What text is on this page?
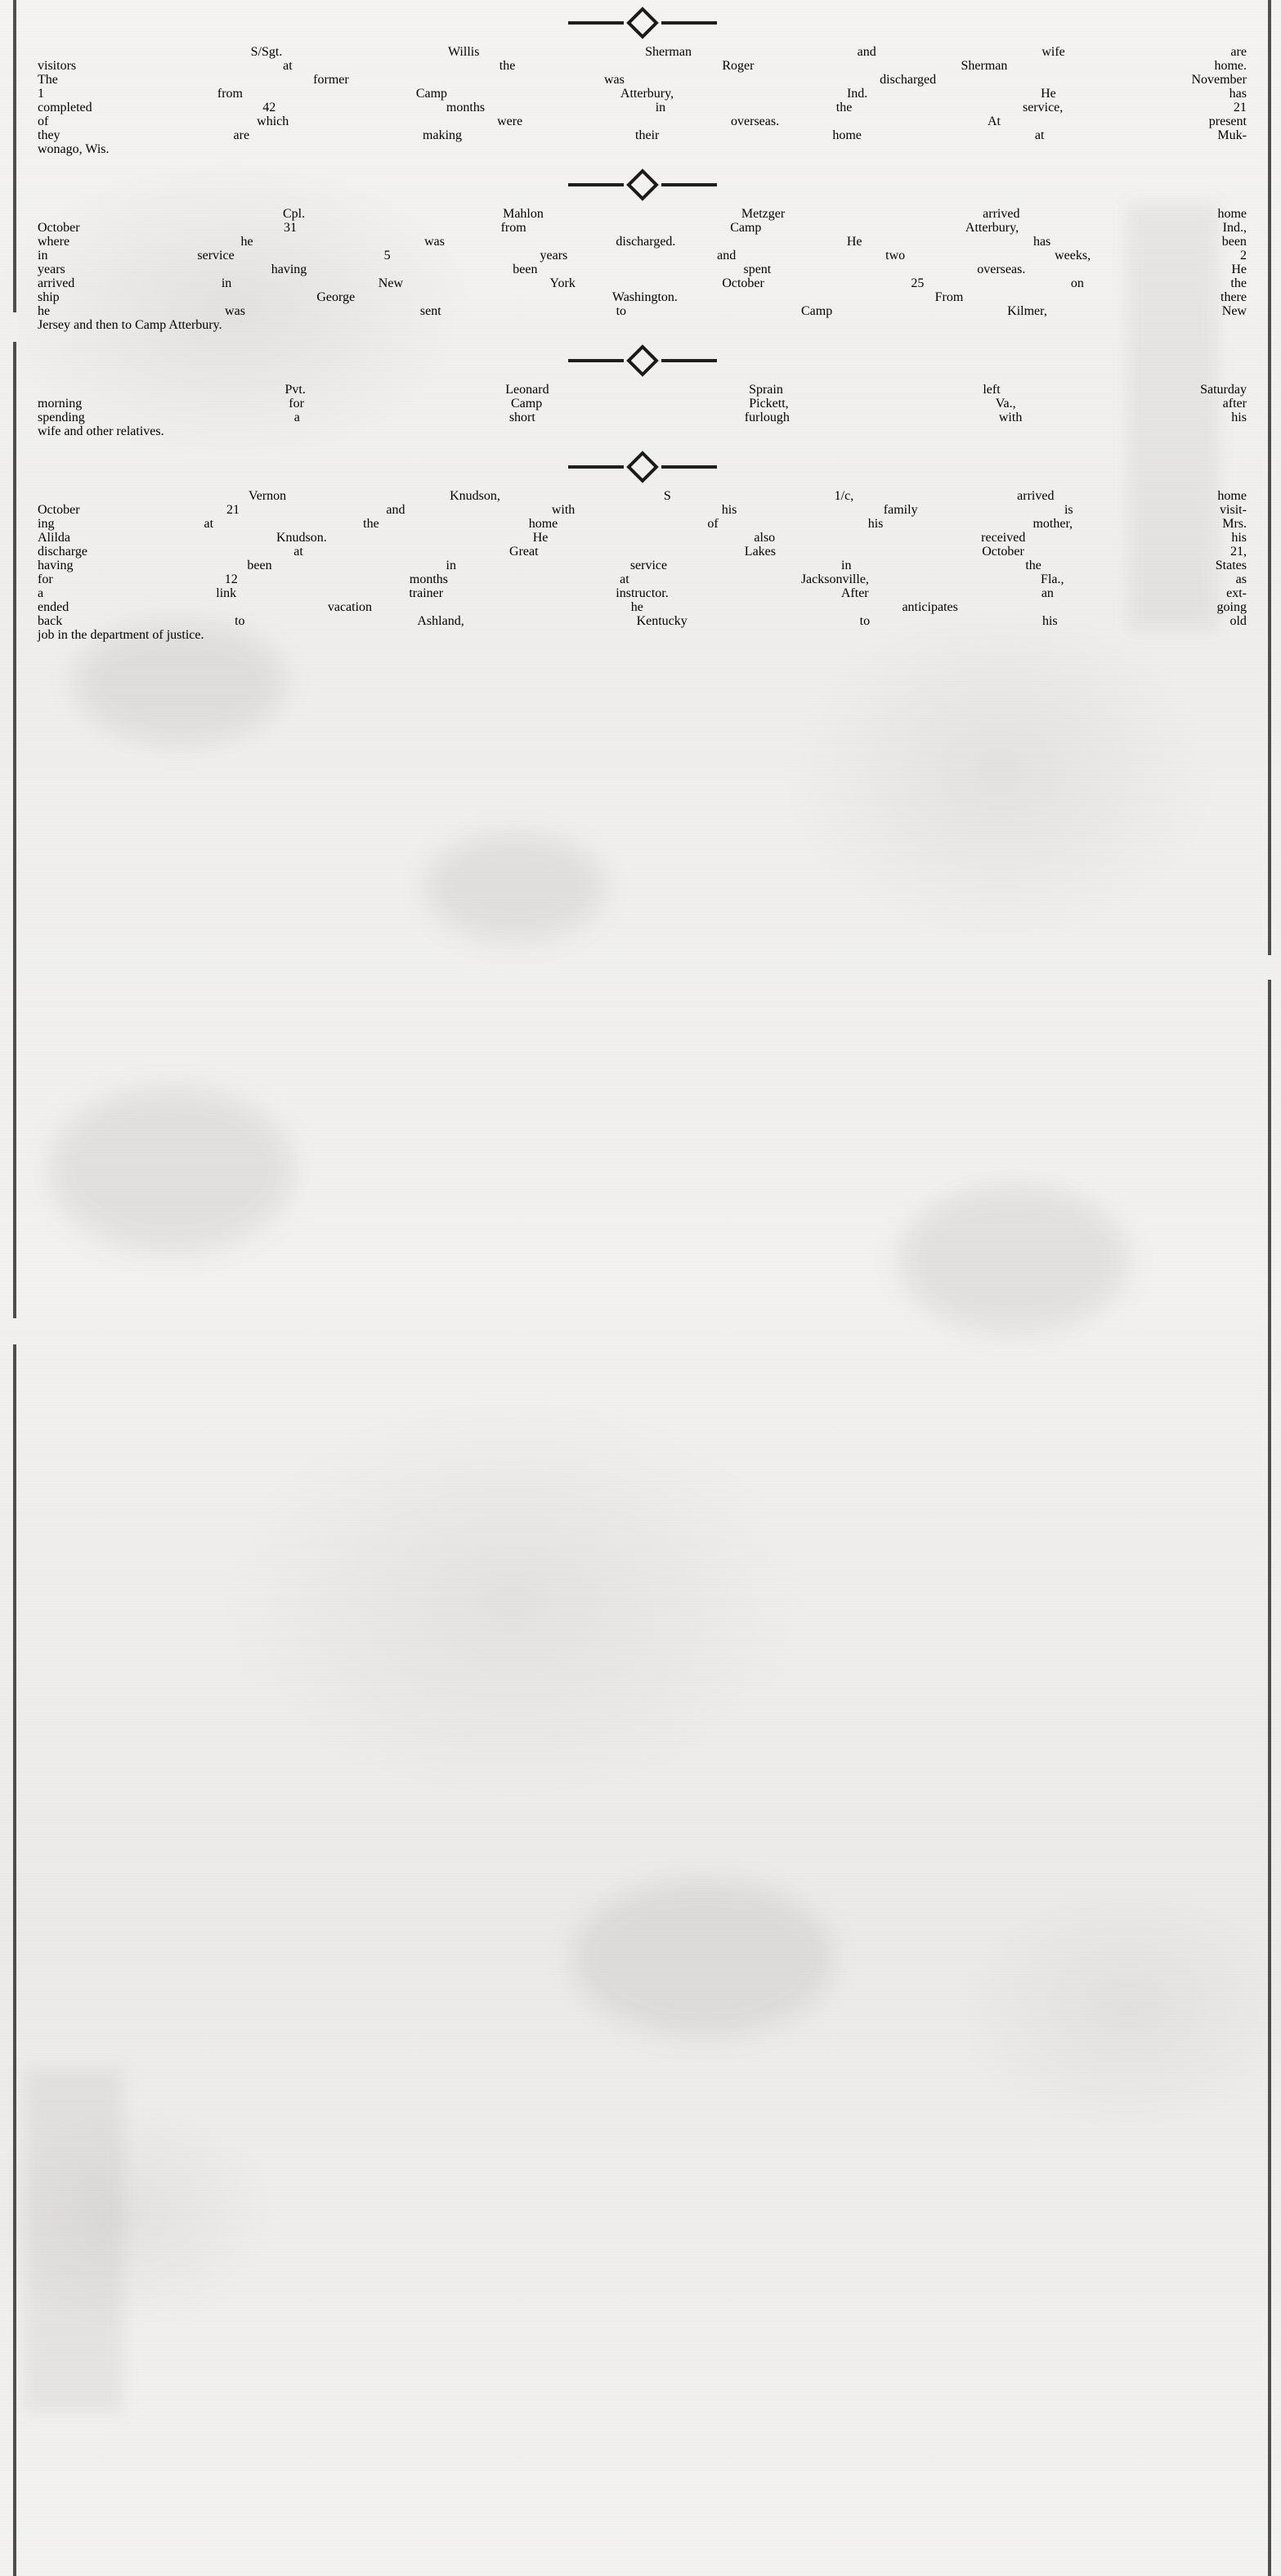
S/Sgt.	Willis	Sherman	and	wife	are
visitors	at	the	Roger	Sherman	home.
The	former	was	discharged	November
1	from	Camp	Atterbury,	Ind.	He	has
completed	42	months	in	the	service,	21
of	which	were	overseas.	At	present
they	are	making	their	home	at	Muk-
wonago, Wis.
Cpl.	Mahlon	Metzger	arrived	home
October	31	from	Camp	Atterbury,	Ind.,
where	he	was	discharged.	He	has	been
in	service	5	years	and	two	weeks,	2
years	having	been	spent	overseas.	He
arrived	in	New	York	October	25	on	the
ship	George	Washington.	From	there
he	was	sent	to	Camp	Kilmer,	New
Jersey and then to Camp Atterbury.
Pvt.	Leonard	Sprain	left	Saturday
morning	for	Camp	Pickett,	Va.,	after
spending	a	short	furlough	with	his
wife and other relatives.
Vernon	Knudson,	S	1/c,	arrived	home
October	21	and	with	his	family	is	visit-
ing	at	the	home	of	his	mother,	Mrs.
Alilda	Knudson.	He	also	received	his
discharge	at	Great	Lakes	October	21,
having	been	in	service	in	the	States
for	12	months	at	Jacksonville,	Fla.,	as
a	link	trainer	instructor.	After	an	ext-
ended	vacation	he	anticipates	going
back	to	Ashland,	Kentucky	to	his	old
job in the department of justice.
